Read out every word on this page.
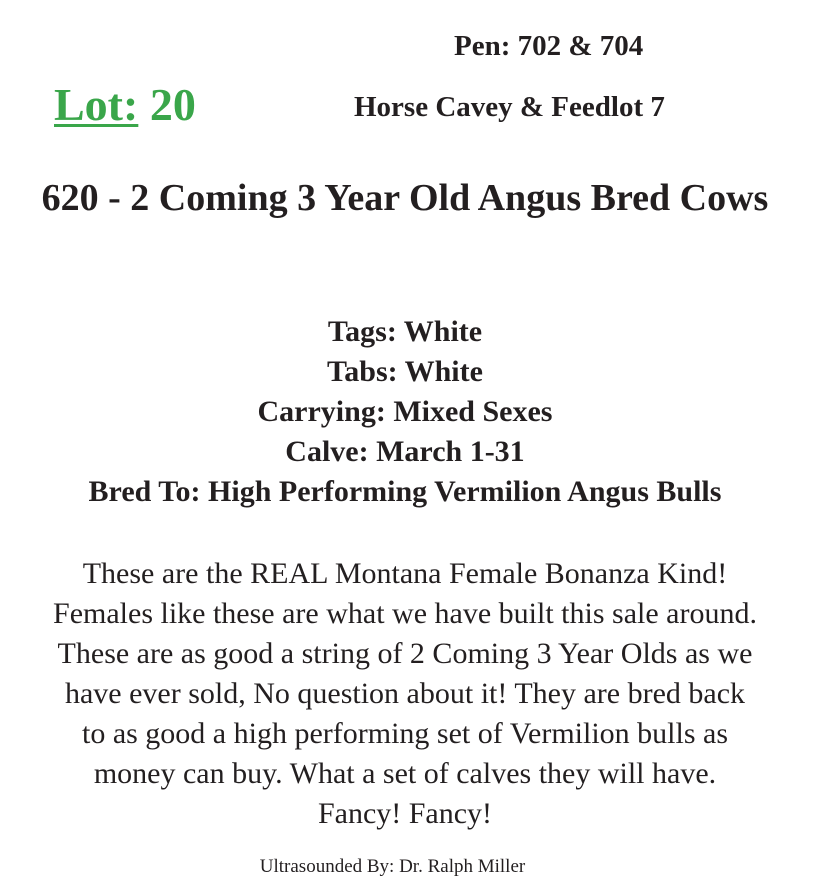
Pen: 702 & 704
Lot: 20	Horse Cavey & Feedlot 7
620 - 2 Coming 3 Year Old Angus Bred Cows
Tags: White
Tabs: White
Carrying: Mixed Sexes
Calve: March 1-31
Bred To: High Performing Vermilion Angus Bulls
These are the REAL Montana Female Bonanza Kind! Females like these are what we have built this sale around. These are as good a string of 2 Coming 3 Year Olds as we have ever sold, No question about it! They are bred back to as good a high performing set of Vermilion bulls as money can buy. What a set of calves they will have. Fancy! Fancy!
Ultrasounded By: Dr. Ralph Miller
